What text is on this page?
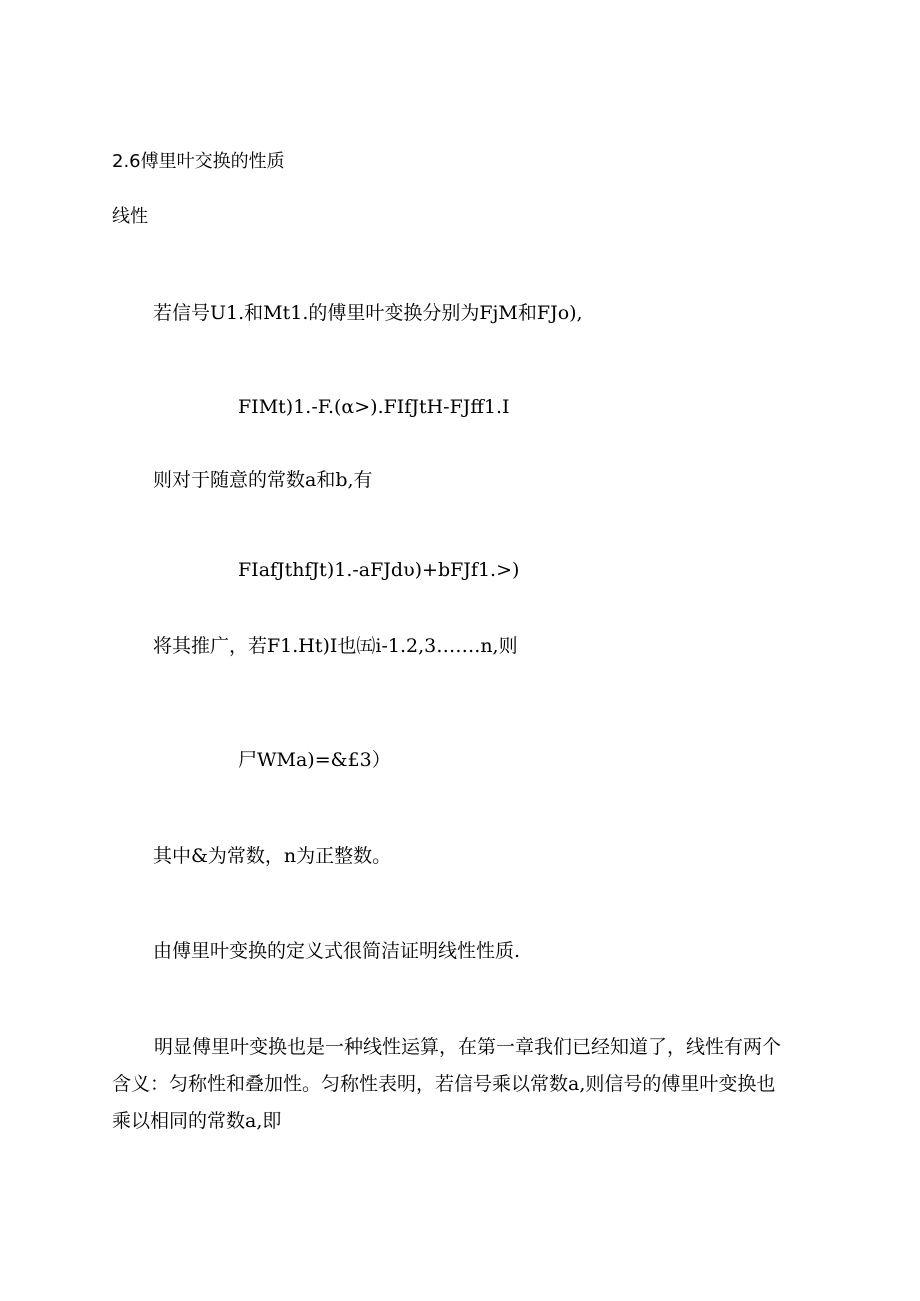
2.6傅里叶交换的性质
线性
若信号U1.和Mt1.的傅里叶变换分别为FjM和FJo),
FIMt)1.-F.(α>).FIfJtH-FJff1.I
则对于随意的常数a和b,有
FIafJthfJt)1.-aFJdυ)+bFJf1.>)
将其推广，若F1.Ht)I也㈤i-1.2,3…….n,则
尸WMa)=&£3）
其中&为常数，n为正整数。
由傅里叶变换的定义式很简洁证明线性性质.
明显傅里叶变换也是一种线性运算，在第一章我们已经知道了，线性有两个
含义：匀称性和叠加性。匀称性表明，若信号乘以常数a,则信号的傅里叶变换也
乘以相同的常数a,即
